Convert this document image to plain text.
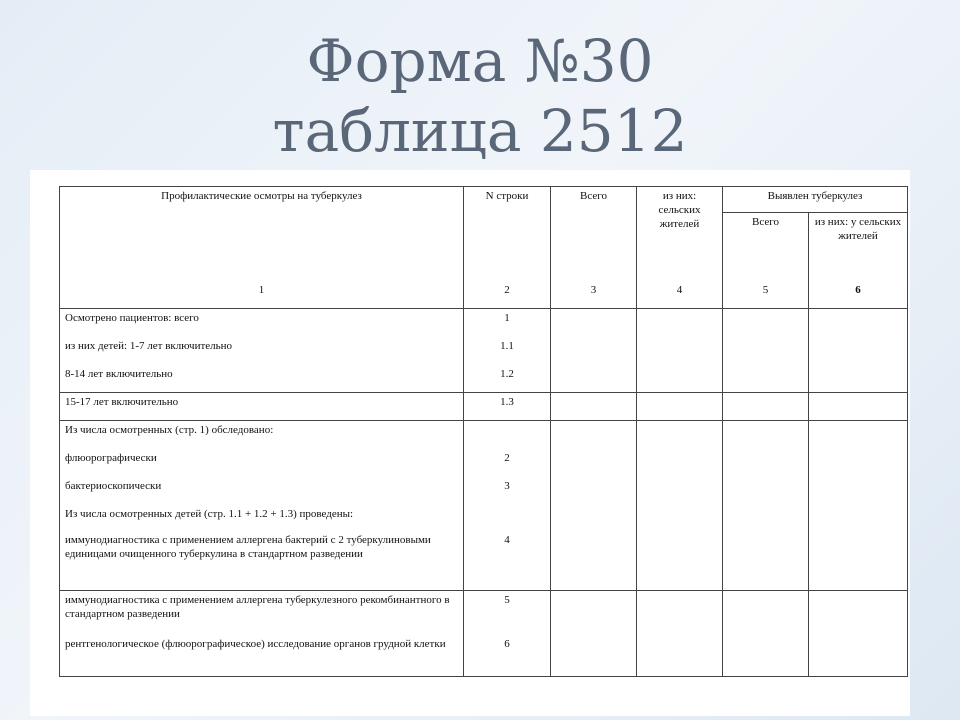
Форма №30
таблица 2512
Профилактические осмотры на туберкулез	N строки	Всего	из них: сельских жителей	Выявлен туберкулез	
				Всего	из них: у сельских жителей
1	2	3	4	5	6
Осмотрено пациентов: всего	1				
из них детей: 1-7 лет включительно	1.1				
8-14 лет включительно	1.2				
15-17 лет включительно	1.3				
Из числа осмотренных (стр. 1) обследовано:					
флюорографически	2				
бактериоскопически	3				
Из числа осмотренных детей (стр. 1.1 + 1.2 + 1.3) проведены:					
иммунодиагностика с применением аллергена бактерий с 2 туберкулиновыми единицами очищенного туберкулина в стандартном разведении	4				
иммунодиагностика с применением аллергена туберкулезного рекомбинантного в стандартном разведении	5				
рентгенологическое (флюорографическое) исследование органов грудной клетки	6				
